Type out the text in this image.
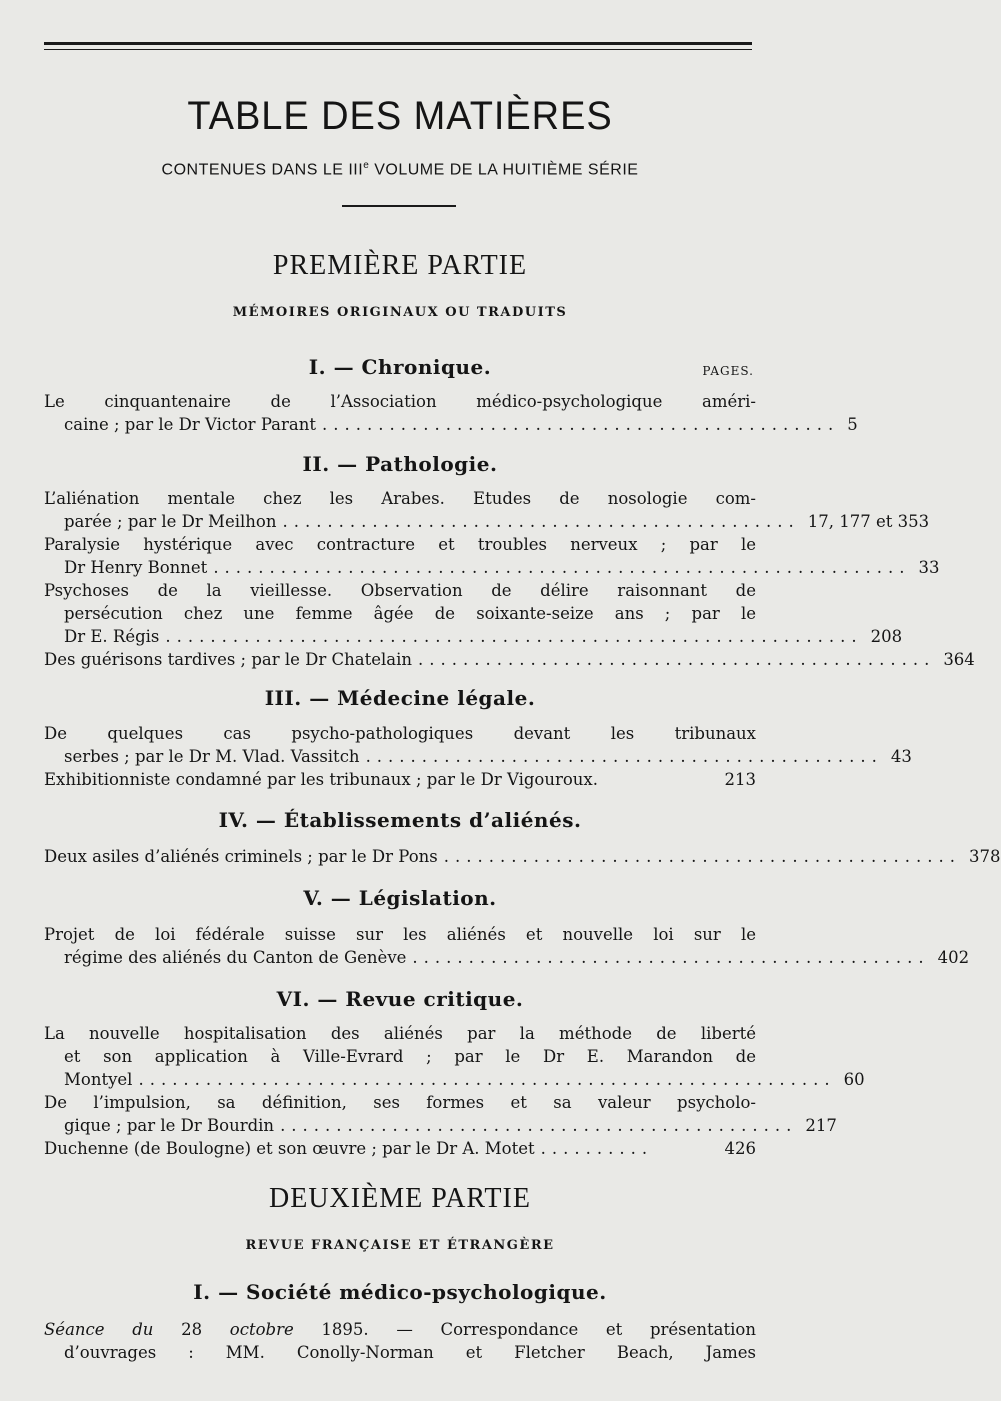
TABLE DES MATIÈRES
CONTENUES DANS LE IIIe VOLUME DE LA HUITIÈME SÉRIE
PREMIÈRE PARTIE
MÉMOIRES ORIGINAUX OU TRADUITS
PAGES.
I. — Chronique.
Le cinquantenaire de l’Association médico-psychologique améri-
caine ; par le Dr Victor Parant .............................................. 5
II. — Pathologie.
L’aliénation mentale chez les Arabes. Etudes de nosologie com-
parée ; par le Dr Meilhon .............................................. 17, 177 et 353
Paralysie hystérique avec contracture et troubles nerveux ; par le
Dr Henry Bonnet .............................................................. 33
Psychoses de la vieillesse. Observation de délire raisonnant de
persécution chez une femme âgée de soixante-seize ans ; par le
Dr E. Régis .............................................................. 208
Des guérisons tardives ; par le Dr Chatelain .............................................. 364
III. — Médecine légale.
De quelques cas psycho-pathologiques devant les tribunaux
serbes ; par le Dr M. Vlad. Vassitch .............................................. 43
Exhibitionniste condamné par les tribunaux ; par le Dr Vigouroux.	213
IV. — Établissements d’aliénés.
Deux asiles d’aliénés criminels ; par le Dr Pons .............................................. 378
V. — Législation.
Projet de loi fédérale suisse sur les aliénés et nouvelle loi sur le
régime des aliénés du Canton de Genève .............................................. 402
VI. — Revue critique.
La nouvelle hospitalisation des aliénés par la méthode de liberté
et son application à Ville-Evrard ; par le Dr E. Marandon de
Montyel .............................................................. 60
De l’impulsion, sa définition, ses formes et sa valeur psycholo-
gique ; par le Dr Bourdin .............................................. 217
Duchenne (de Boulogne) et son œuvre ; par le Dr A. Motet ..........	426
DEUXIÈME PARTIE
REVUE FRANÇAISE ET ÉTRANGÈRE
I. — Société médico-psychologique.
Séance du 28 octobre 1895. — Correspondance et présentation
d’ouvrages : MM. Conolly-Norman et Fletcher Beach, James
